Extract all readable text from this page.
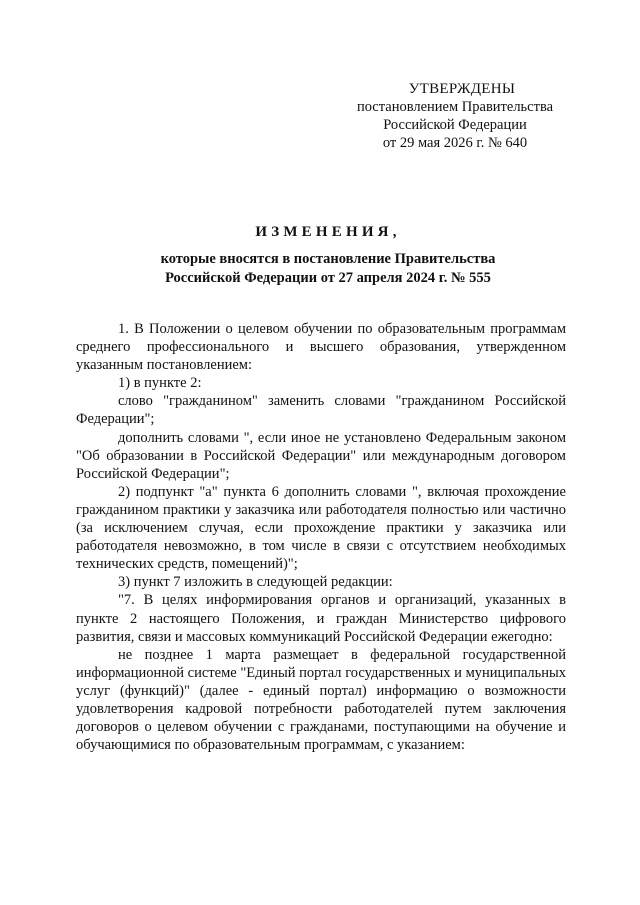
УТВЕРЖДЕНЫ
постановлением Правительства
Российской Федерации
от 29 мая 2026 г. № 640
ИЗМЕНЕНИЯ,
которые вносятся в постановление Правительства
Российской Федерации от 27 апреля 2024 г. № 555

1. В Положении о целевом обучении по образовательным программам среднего профессионального и высшего образования, утвержденном указанным постановлением:

1) в пункте 2:

слово "гражданином" заменить словами "гражданином Российской Федерации";

дополнить словами ", если иное не установлено Федеральным законом "Об образовании в Российской Федерации" или международным договором Российской Федерации";

2) подпункт "а" пункта 6 дополнить словами ", включая прохождение гражданином практики у заказчика или работодателя полностью или частично (за исключением случая, если прохождение практики у заказчика или работодателя невозможно, в том числе в связи с отсутствием необходимых технических средств, помещений)";

3) пункт 7 изложить в следующей редакции:

"7. В целях информирования органов и организаций, указанных в пункте 2 настоящего Положения, и граждан Министерство цифрового развития, связи и массовых коммуникаций Российской Федерации ежегодно:

не позднее 1 марта размещает в федеральной государственной информационной системе "Единый портал государственных и муниципальных услуг (функций)" (далее - единый портал) информацию о возможности удовлетворения кадровой потребности работодателей путем заключения договоров о целевом обучении с гражданами, поступающими на обучение и обучающимися по образовательным программам, с указанием:
